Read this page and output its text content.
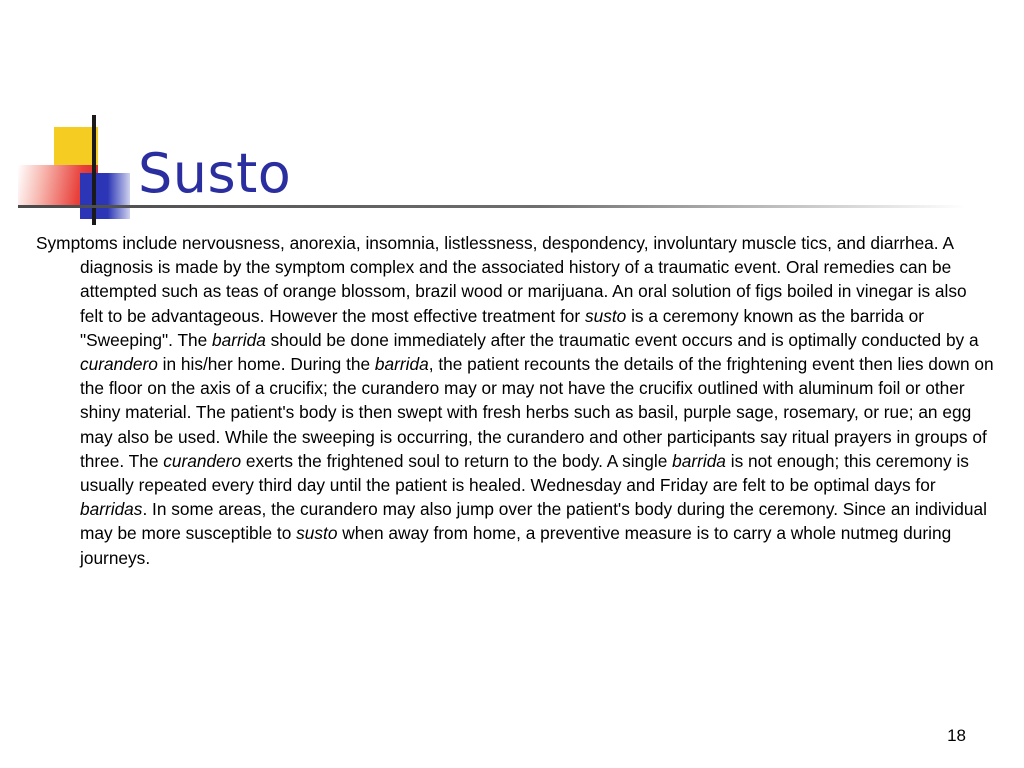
Susto

Symptoms include nervousness, anorexia, insomnia, listlessness, despondency, involuntary muscle tics, and diarrhea. A diagnosis is made by the symptom complex and the associated history of a traumatic event. Oral remedies can be attempted such as teas of orange blossom, brazil wood or marijuana. An oral solution of figs boiled in vinegar is also felt to be advantageous. However the most effective treatment for susto is a ceremony known as the barrida or "Sweeping". The barrida should be done immediately after the traumatic event occurs and is optimally conducted by a curandero in his/her home. During the barrida, the patient recounts the details of the frightening event then lies down on the floor on the axis of a crucifix; the curandero may or may not have the crucifix outlined with aluminum foil or other shiny material. The patient's body is then swept with fresh herbs such as basil, purple sage, rosemary, or rue; an egg may also be used. While the sweeping is occurring, the curandero and other participants say ritual prayers in groups of three. The curandero exerts the frightened soul to return to the body. A single barrida is not enough; this ceremony is usually repeated every third day until the patient is healed. Wednesday and Friday are felt to be optimal days for barridas. In some areas, the curandero may also jump over the patient's body during the ceremony. Since an individual may be more susceptible to susto when away from home, a preventive measure is to carry a whole nutmeg during journeys.

18
